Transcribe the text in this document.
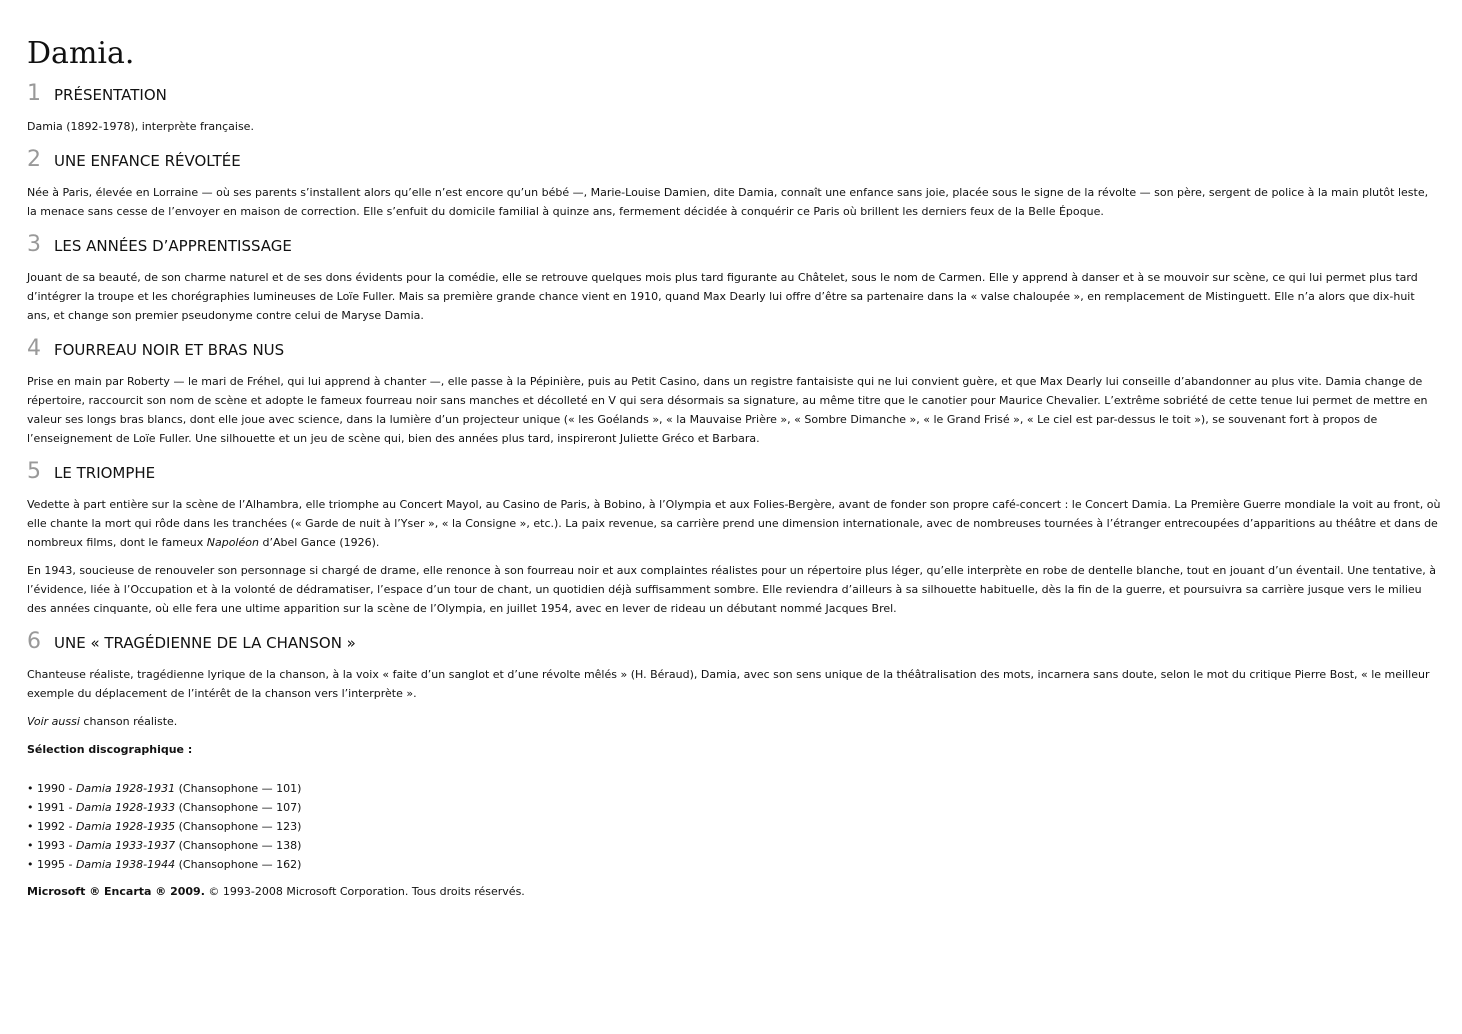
Damia.
1 PRÉSENTATION

Damia (1892-1978), interprète française.

2 UNE ENFANCE RÉVOLTÉE

Née à Paris, élevée en Lorraine — où ses parents s’installent alors qu’elle n’est encore qu’un bébé —, Marie-Louise Damien, dite Damia, connaît une enfance sans joie, placée sous le signe de la révolte — son père, sergent de police à la main plutôt leste, la menace sans cesse de l’envoyer en maison de correction. Elle s’enfuit du domicile familial à quinze ans, fermement décidée à conquérir ce Paris où brillent les derniers feux de la Belle Époque.

3 LES ANNÉES D’APPRENTISSAGE

Jouant de sa beauté, de son charme naturel et de ses dons évidents pour la comédie, elle se retrouve quelques mois plus tard figurante au Châtelet, sous le nom de Carmen. Elle y apprend à danser et à se mouvoir sur scène, ce qui lui permet plus tard d’intégrer la troupe et les chorégraphies lumineuses de Loïe Fuller. Mais sa première grande chance vient en 1910, quand Max Dearly lui offre d’être sa partenaire dans la « valse chaloupée », en remplacement de Mistinguett. Elle n’a alors que dix-huit ans, et change son premier pseudonyme contre celui de Maryse Damia.

4 FOURREAU NOIR ET BRAS NUS

Prise en main par Roberty — le mari de Fréhel, qui lui apprend à chanter —, elle passe à la Pépinière, puis au Petit Casino, dans un registre fantaisiste qui ne lui convient guère, et que Max Dearly lui conseille d’abandonner au plus vite. Damia change de répertoire, raccourcit son nom de scène et adopte le fameux fourreau noir sans manches et décolleté en V qui sera désormais sa signature, au même titre que le canotier pour Maurice Chevalier. L’extrême sobriété de cette tenue lui permet de mettre en valeur ses longs bras blancs, dont elle joue avec science, dans la lumière d’un projecteur unique (« les Goélands », « la Mauvaise Prière », « Sombre Dimanche », « le Grand Frisé », « Le ciel est par-dessus le toit »), se souvenant fort à propos de l’enseignement de Loïe Fuller. Une silhouette et un jeu de scène qui, bien des années plus tard, inspireront Juliette Gréco et Barbara.

5 LE TRIOMPHE

Vedette à part entière sur la scène de l’Alhambra, elle triomphe au Concert Mayol, au Casino de Paris, à Bobino, à l’Olympia et aux Folies-Bergère, avant de fonder son propre café-concert : le Concert Damia. La Première Guerre mondiale la voit au front, où elle chante la mort qui rôde dans les tranchées (« Garde de nuit à l’Yser », « la Consigne », etc.). La paix revenue, sa carrière prend une dimension internationale, avec de nombreuses tournées à l’étranger entrecoupées d’apparitions au théâtre et dans de nombreux films, dont le fameux Napoléon d’Abel Gance (1926).

En 1943, soucieuse de renouveler son personnage si chargé de drame, elle renonce à son fourreau noir et aux complaintes réalistes pour un répertoire plus léger, qu’elle interprète en robe de dentelle blanche, tout en jouant d’un éventail. Une tentative, à l’évidence, liée à l’Occupation et à la volonté de dédramatiser, l’espace d’un tour de chant, un quotidien déjà suffisamment sombre. Elle reviendra d’ailleurs à sa silhouette habituelle, dès la fin de la guerre, et poursuivra sa carrière jusque vers le milieu des années cinquante, où elle fera une ultime apparition sur la scène de l’Olympia, en juillet 1954, avec en lever de rideau un débutant nommé Jacques Brel.

6 UNE « TRAGÉDIENNE DE LA CHANSON »

Chanteuse réaliste, tragédienne lyrique de la chanson, à la voix « faite d’un sanglot et d’une révolte mêlés » (H. Béraud), Damia, avec son sens unique de la théâtralisation des mots, incarnera sans doute, selon le mot du critique Pierre Bost, « le meilleur exemple du déplacement de l’intérêt de la chanson vers l’interprète ».

Voir aussi chanson réaliste.

Sélection discographique :

• 1990 - Damia 1928-1931 (Chansophone — 101)
• 1991 - Damia 1928-1933 (Chansophone — 107)
• 1992 - Damia 1928-1935 (Chansophone — 123)
• 1993 - Damia 1933-1937 (Chansophone — 138)
• 1995 - Damia 1938-1944 (Chansophone — 162)

Microsoft ® Encarta ® 2009. © 1993-2008 Microsoft Corporation. Tous droits réservés.
